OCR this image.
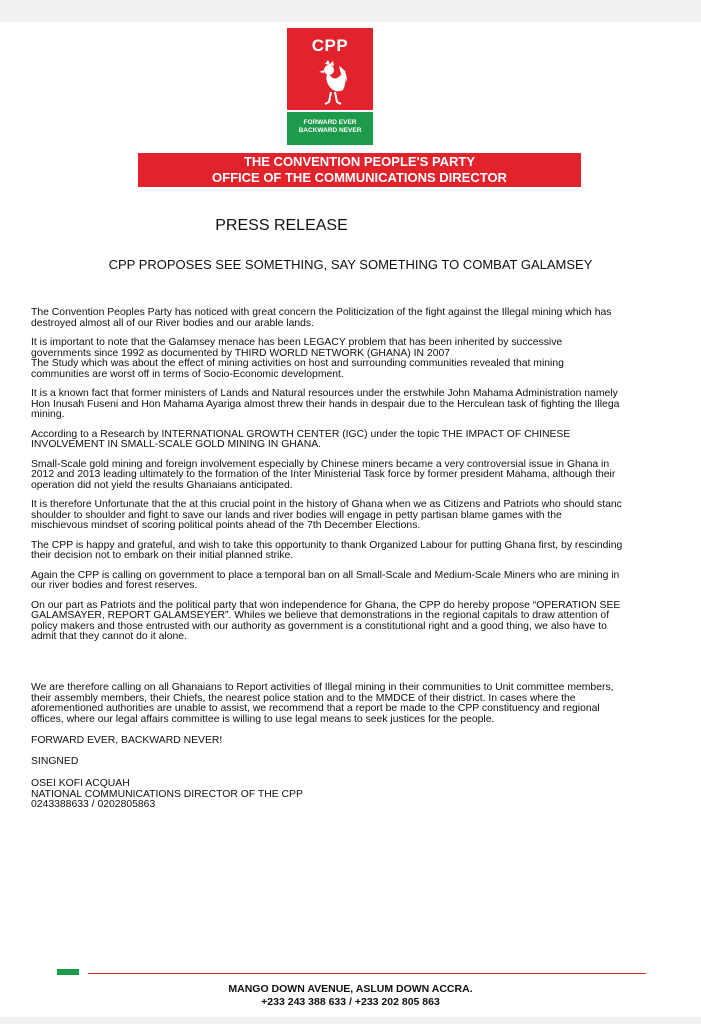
CPP
FORWARD EVER
BACKWARD NEVER
THE CONVENTION PEOPLE'S PARTY
OFFICE OF THE COMMUNICATIONS DIRECTOR
PRESS RELEASE
CPP PROPOSES SEE SOMETHING, SAY SOMETHING TO COMBAT GALAMSEY

The Convention Peoples Party has noticed with great concern the Politicization of the fight against the Illegal mining which has
destroyed almost all of our River bodies and our arable lands.

It is important to note that the Galamsey menace has been LEGACY problem that has been inherited by successive
governments since 1992 as documented by THIRD WORLD NETWORK (GHANA) IN 2007
The Study which was about the effect of mining activities on host and surrounding communities revealed that mining
communities are worst off in terms of Socio-Economic development.

It is a known fact that former ministers of Lands and Natural resources under the erstwhile John Mahama Administration namely
Hon Inusah Fuseni and Hon Mahama Ayariga almost threw their hands in despair due to the Herculean task of fighting the Illega
mining.

According to a Research by INTERNATIONAL GROWTH CENTER (IGC) under the topic THE IMPACT OF CHINESE
INVOLVEMENT IN SMALL-SCALE GOLD MINING IN GHANA.

Small-Scale gold mining and foreign involvement especially by Chinese miners became a very controversial issue in Ghana in
2012 and 2013 leading ultimately to the formation of the Inter Ministerial Task force by former president Mahama, although their
operation did not yield the results Ghanaians anticipated.

It is therefore Unfortunate that the at this crucial point in the history of Ghana when we as Citizens and Patriots who should stanc
shoulder to shoulder and fight to save our lands and river bodies will engage in petty partisan blame games with the
mischievous mindset of scoring political points ahead of the 7th December Elections.

The CPP is happy and grateful, and wish to take this opportunity to thank Organized Labour for putting Ghana first, by rescinding
their decision not to embark on their initial planned strike.

Again the CPP is calling on government to place a temporal ban on all Small-Scale and Medium-Scale Miners who are mining in
our river bodies and forest reserves.

On our part as Patriots and the political party that won independence for Ghana, the CPP do hereby propose “OPERATION SEE
GALAMSAYER, REPORT GALAMSEYER”. Whiles we believe that demonstrations in the regional capitals to draw attention of
policy makers and those entrusted with our authority as government is a constitutional right and a good thing, we also have to
admit that they cannot do it alone.

We are therefore calling on all Ghanaians to Report activities of Illegal mining in their communities to Unit committee members,
their assembly members, their Chiefs, the nearest police station and to the MMDCE of their district. In cases where the
aforementioned authorities are unable to assist, we recommend that a report be made to the CPP constituency and regional
offices, where our legal affairs committee is willing to use legal means to seek justices for the people.
FORWARD EVER, BACKWARD NEVER!
SINGNED

OSEI KOFI ACQUAH

NATIONAL COMMUNICATIONS DIRECTOR OF THE CPP

0243388633 / 0202805863

MANGO DOWN AVENUE, ASLUM DOWN ACCRA.
+233 243 388 633 / +233 202 805 863
